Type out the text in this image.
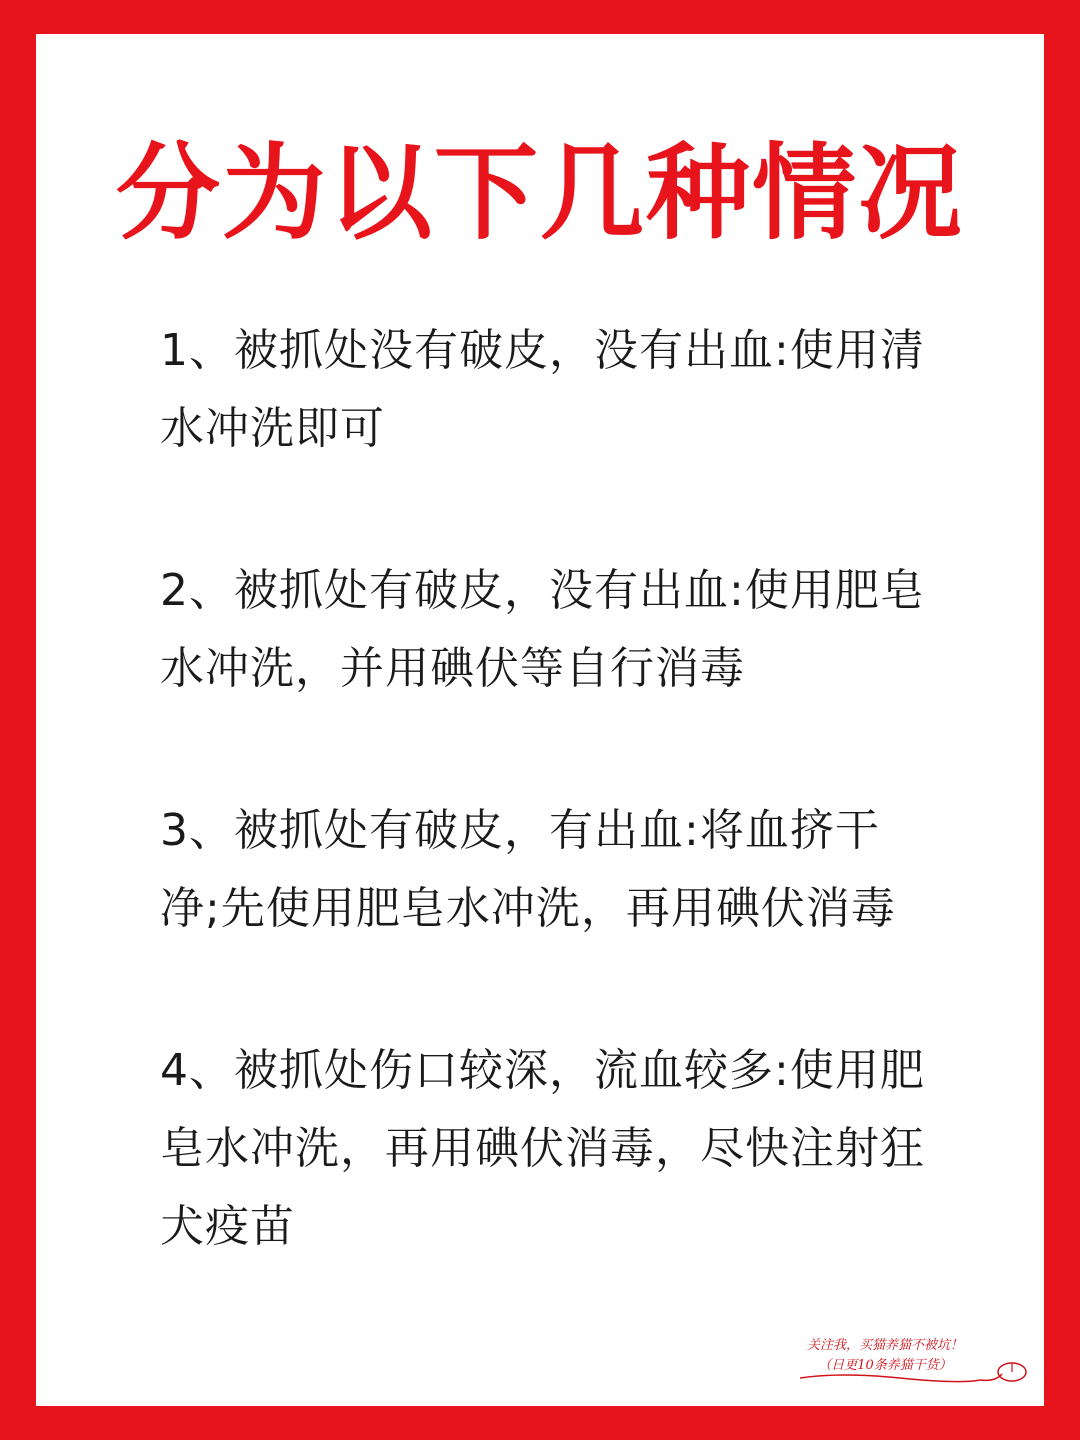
分为以下几种情况
1、被抓处没有破皮，没有出血:使用清水冲洗即可
2、被抓处有破皮，没有出血:使用肥皂水冲洗，并用碘伏等自行消毒
3、被抓处有破皮，有出血:将血挤干净;先使用肥皂水冲洗，再用碘伏消毒
4、被抓处伤口较深，流血较多:使用肥皂水冲洗，再用碘伏消毒，尽快注射狂犬疫苗
关注我，买猫养猫不被坑！
（日更10条养猫干货）
